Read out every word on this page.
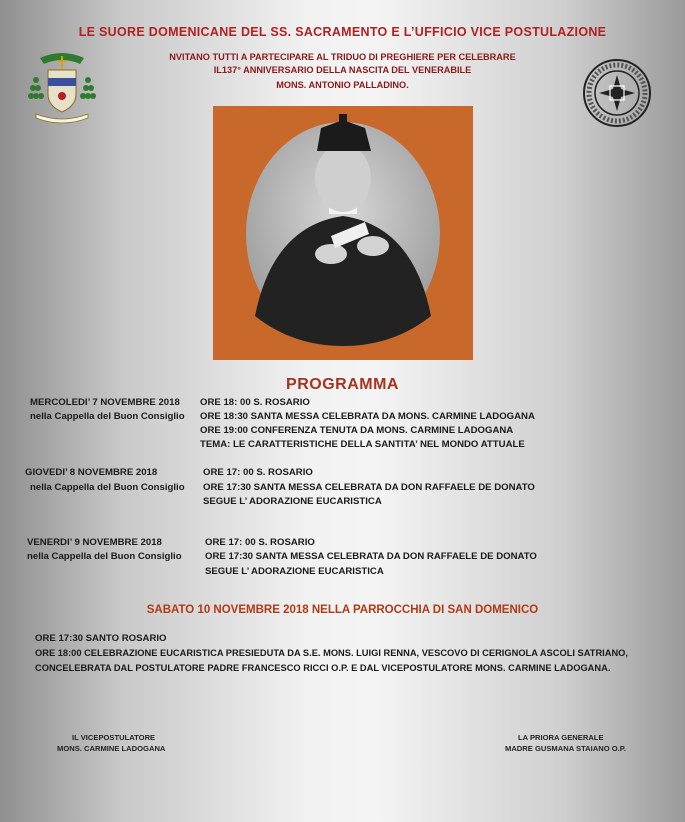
LE SUORE DOMENICANE DEL SS. SACRAMENTO E L’UFFICIO VICE POSTULAZIONE
NVITANO TUTTI A PARTECIPARE AL TRIDUO DI PREGHIERE PER CELEBRARE
IL137° ANNIVERSARIO DELLA NASCITA DEL VENERABILE
MONS. ANTONIO PALLADINO.
PROGRAMMA
MERCOLEDI’ 7 NOVEMBRE 2018
nella Cappella del Buon Consiglio
ORE 18: 00 S. ROSARIO
ORE 18:30 SANTA MESSA CELEBRATA DA MONS. CARMINE LADOGANA
ORE 19:00 CONFERENZA TENUTA DA MONS. CARMINE LADOGANA
TEMA: LE CARATTERISTICHE DELLA SANTITA’ NEL MONDO ATTUALE
GIOVEDI’ 8 NOVEMBRE 2018
nella Cappella del Buon Consiglio
ORE 17: 00 S. ROSARIO
ORE 17:30 SANTA MESSA CELEBRATA DA DON RAFFAELE DE DONATO
SEGUE L’ ADORAZIONE EUCARISTICA
VENERDI’ 9 NOVEMBRE 2018
nella Cappella del Buon Consiglio
ORE 17: 00 S. ROSARIO
ORE 17:30 SANTA MESSA CELEBRATA DA DON RAFFAELE DE DONATO
SEGUE L’ ADORAZIONE EUCARISTICA
SABATO 10 NOVEMBRE 2018 NELLA PARROCCHIA DI SAN DOMENICO
ORE 17:30 SANTO ROSARIO
ORE 18:00 CELEBRAZIONE EUCARISTICA PRESIEDUTA DA S.E. MONS. LUIGI RENNA, VESCOVO DI CERIGNOLA ASCOLI SATRIANO,
CONCELEBRATA DAL POSTULATORE PADRE FRANCESCO RICCI O.P. E DAL VICEPOSTULATORE MONS. CARMINE LADOGANA.
IL VICEPOSTULATORE
MONS. CARMINE LADOGANA
LA PRIORA GENERALE
MADRE GUSMANA STAIANO O.P.
